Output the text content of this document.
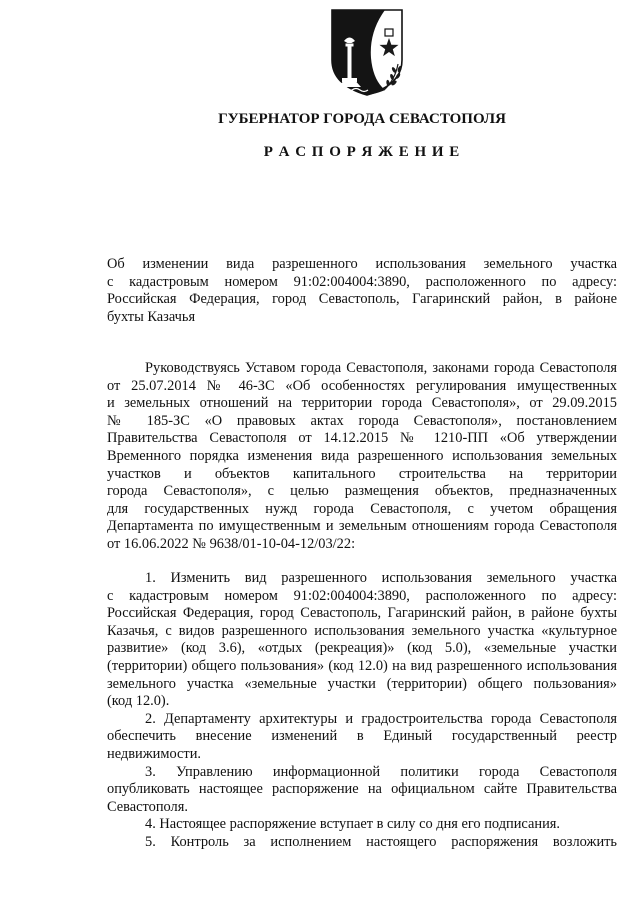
ГУБЕРНАТОР ГОРОДА СЕВАСТОПОЛЯ
Р А С П О Р Я Ж Е Н И Е
Об изменении вида разрешенного использования земельного участка
с кадастровым номером 91:02:004004:3890, расположенного по адресу:
Российская Федерация, город Севастополь, Гагаринский район, в районе
бухты Казачья
Руководствуясь Уставом города Севастополя, законами города Севастополя
от 25.07.2014 № 46-ЗС «Об особенностях регулирования имущественных
и земельных отношений на территории города Севастополя», от 29.09.2015
№ 185-ЗС «О правовых актах города Севастополя», постановлением
Правительства Севастополя от 14.12.2015 № 1210-ПП «Об утверждении
Временного порядка изменения вида разрешенного использования земельных
участков и объектов капитального строительства на территории
города Севастополя», с целью размещения объектов, предназначенных
для государственных нужд города Севастополя, с учетом обращения
Департамента по имущественным и земельным отношениям города Севастополя
от 16.06.2022 № 9638/01-10-04-12/03/22:
1. Изменить вид разрешенного использования земельного участка
с кадастровым номером 91:02:004004:3890, расположенного по адресу:
Российская Федерация, город Севастополь, Гагаринский район, в районе бухты
Казачья, с видов разрешенного использования земельного участка «культурное
развитие» (код 3.6), «отдых (рекреация)» (код 5.0), «земельные участки
(территории) общего пользования» (код 12.0) на вид разрешенного использования
земельного участка «земельные участки (территории) общего пользования»
(код 12.0).
2. Департаменту архитектуры и градостроительства города Севастополя
обеспечить внесение изменений в Единый государственный реестр
недвижимости.
3. Управлению информационной политики города Севастополя
опубликовать настоящее распоряжение на официальном сайте Правительства
Севастополя.
4. Настоящее распоряжение вступает в силу со дня его подписания.
5. Контроль за исполнением настоящего распоряжения возложить
